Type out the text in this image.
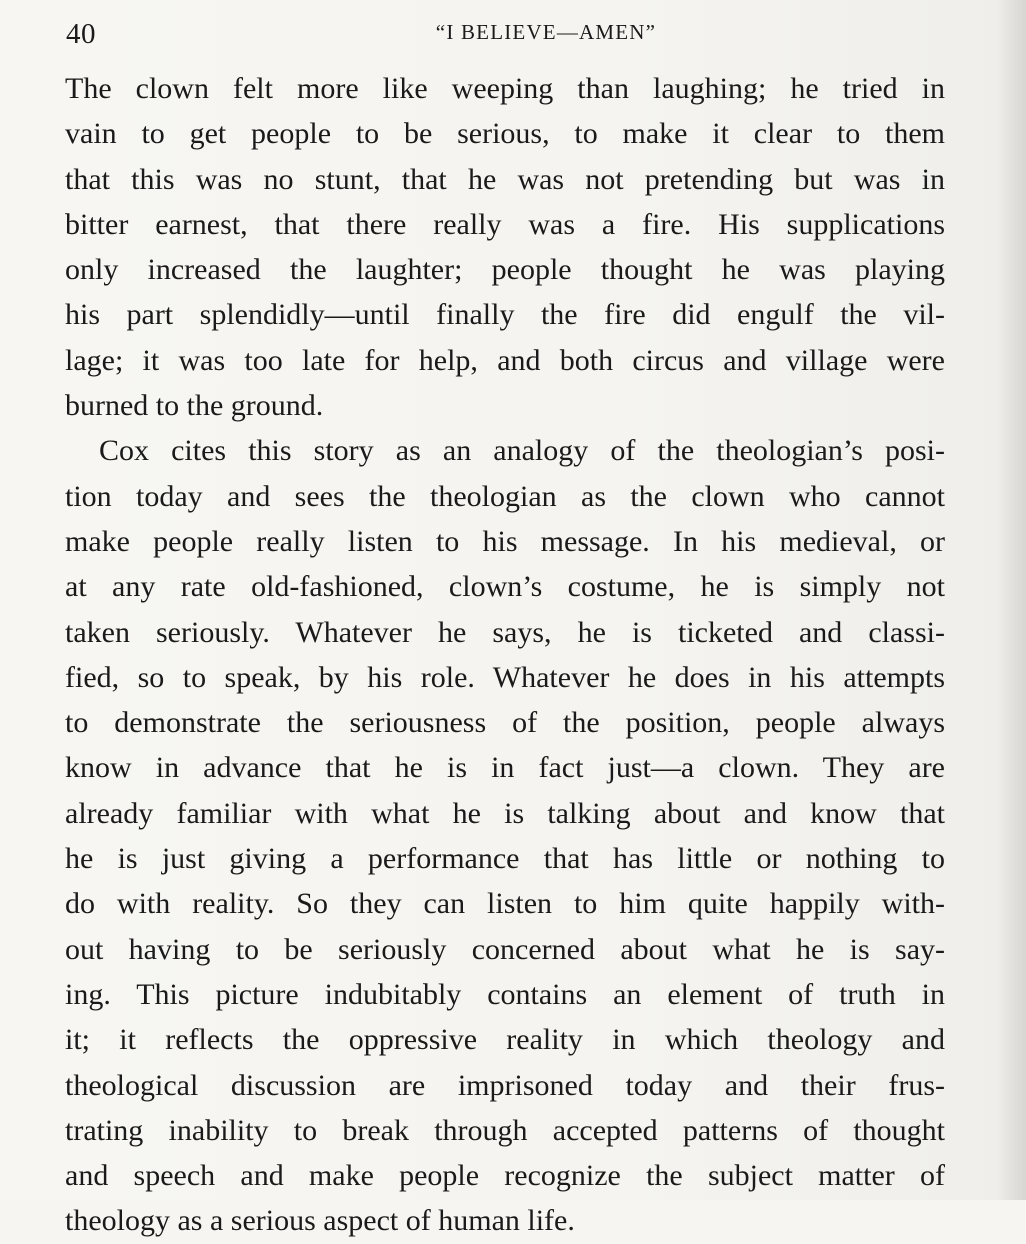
40	“I BELIEVE—AMEN”
The clown felt more like weeping than laughing; he tried in
vain to get people to be serious, to make it clear to them
that this was no stunt, that he was not pretending but was in
bitter earnest, that there really was a fire. His supplications
only increased the laughter; people thought he was playing
his part splendidly—until finally the fire did engulf the vil-
lage; it was too late for help, and both circus and village were
burned to the ground.
Cox cites this story as an analogy of the theologian’s posi-
tion today and sees the theologian as the clown who cannot
make people really listen to his message. In his medieval, or
at any rate old-fashioned, clown’s costume, he is simply not
taken seriously. Whatever he says, he is ticketed and classi-
fied, so to speak, by his role. Whatever he does in his attempts
to demonstrate the seriousness of the position, people always
know in advance that he is in fact just—a clown. They are
already familiar with what he is talking about and know that
he is just giving a performance that has little or nothing to
do with reality. So they can listen to him quite happily with-
out having to be seriously concerned about what he is say-
ing. This picture indubitably contains an element of truth in
it; it reflects the oppressive reality in which theology and
theological discussion are imprisoned today and their frus-
trating inability to break through accepted patterns of thought
and speech and make people recognize the subject matter of
theology as a serious aspect of human life.
